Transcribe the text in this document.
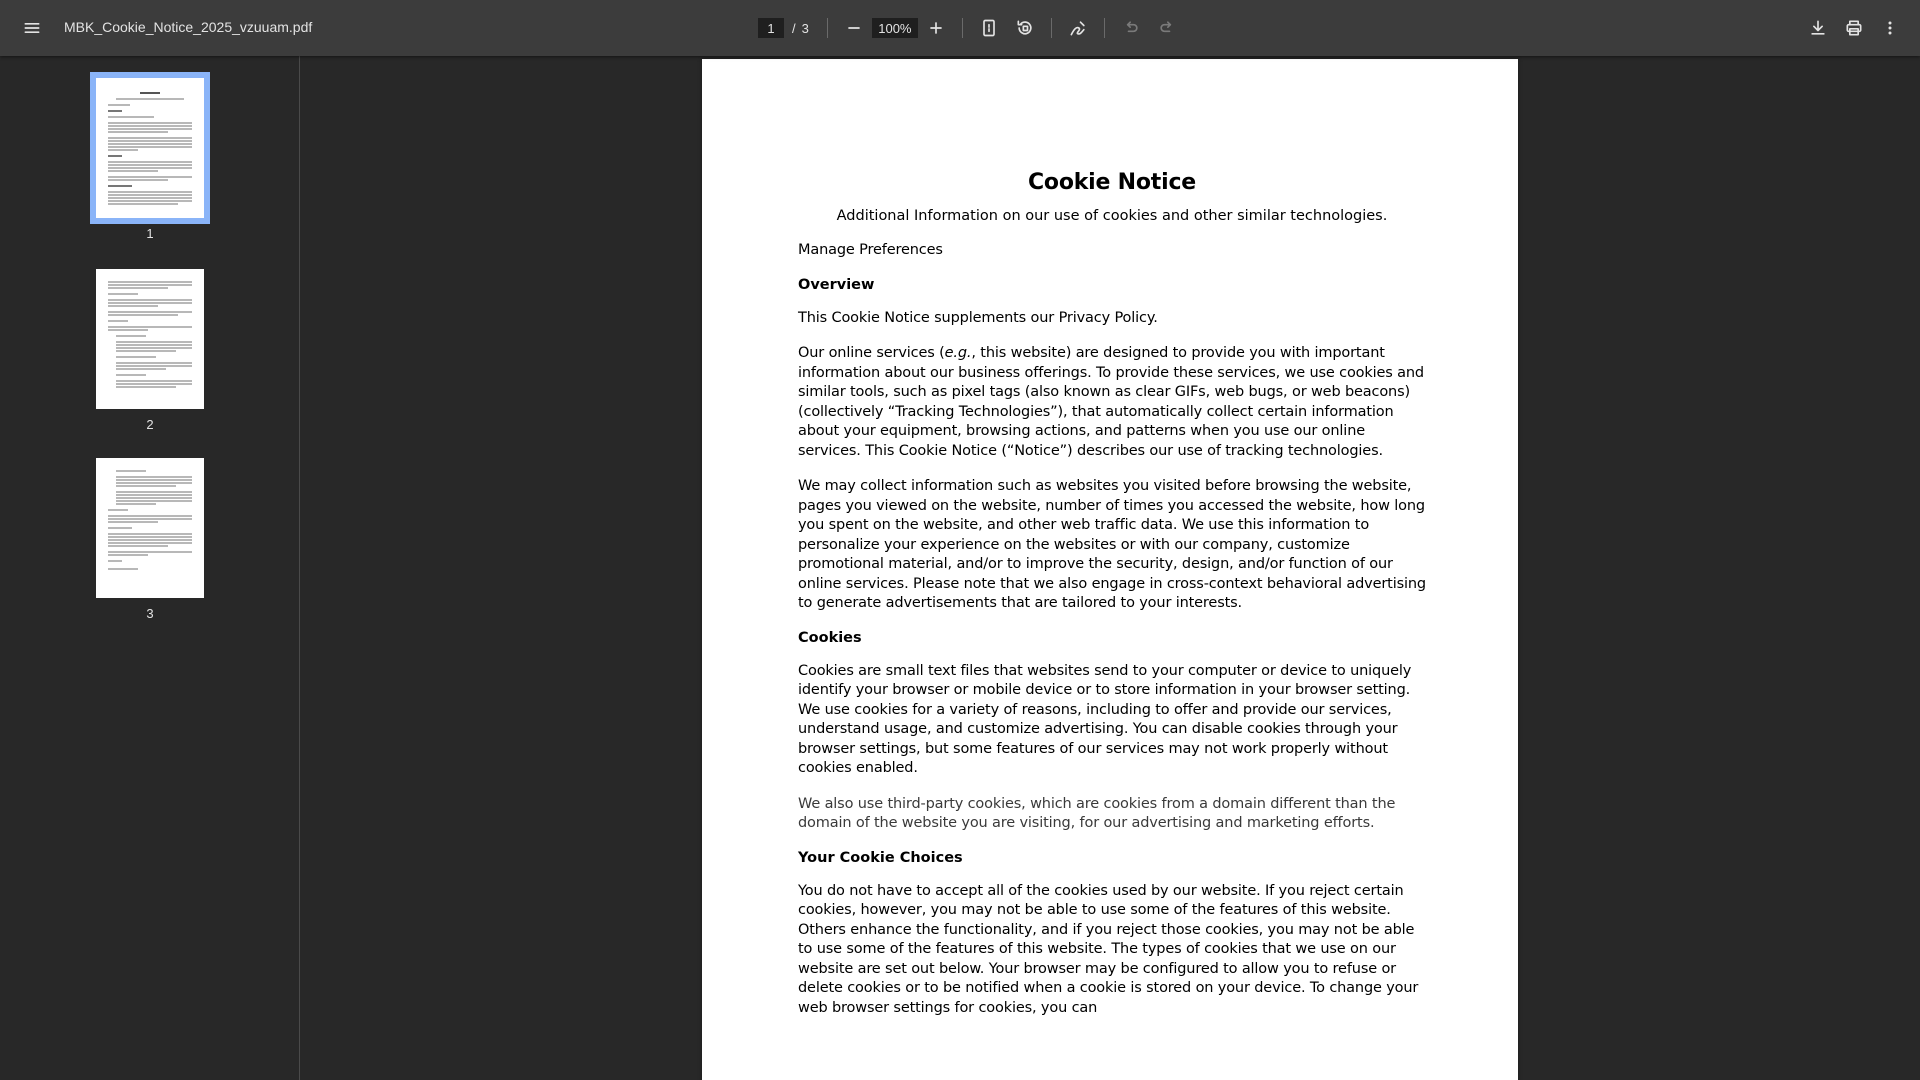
MBK_Cookie_Notice_2025_vzuuam.pdf
1	/ 3
100%
1
2
3
Cookie Notice
Additional Information on our use of cookies and other similar technologies.

Manage Preferences

Overview

This Cookie Notice supplements our Privacy Policy.

Our online services (e.g., this website) are designed to provide you with important information about our business offerings. To provide these services, we use cookies and similar tools, such as pixel tags (also known as clear GIFs, web bugs, or web beacons) (collectively “Tracking Technologies”), that automatically collect certain information about your equipment, browsing actions, and patterns when you use our online services. This Cookie Notice (“Notice”) describes our use of tracking technologies.

We may collect information such as websites you visited before browsing the website, pages you viewed on the website, number of times you accessed the website, how long you spent on the website, and other web traffic data. We use this information to personalize your experience on the websites or with our company, customize promotional material, and/or to improve the security, design, and/or function of our online services. Please note that we also engage in cross-context behavioral advertising to generate advertisements that are tailored to your interests.

Cookies

Cookies are small text files that websites send to your computer or device to uniquely identify your browser or mobile device or to store information in your browser setting. We use cookies for a variety of reasons, including to offer and provide our services, understand usage, and customize advertising. You can disable cookies through your browser settings, but some features of our services may not work properly without cookies enabled.

We also use third-party cookies, which are cookies from a domain different than the domain of the website you are visiting, for our advertising and marketing efforts.

Your Cookie Choices

You do not have to accept all of the cookies used by our website. If you reject certain cookies, however, you may not be able to use some of the features of this website. Others enhance the functionality, and if you reject those cookies, you may not be able to use some of the features of this website. The types of cookies that we use on our website are set out below. Your browser may be configured to allow you to refuse or delete cookies or to be notified when a cookie is stored on your device. To change your web browser settings for cookies, you can
